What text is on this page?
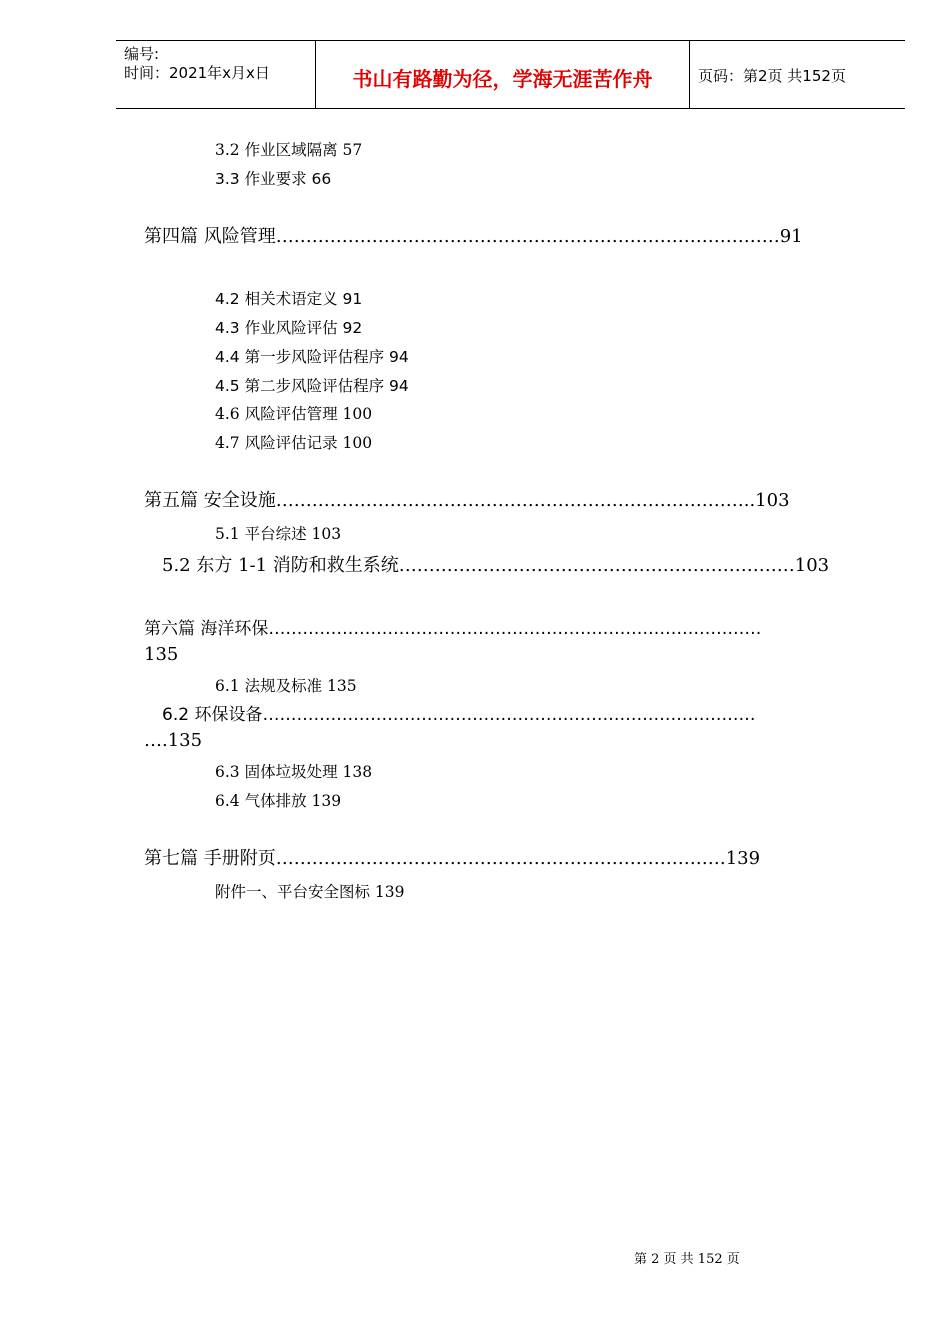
编号:
时间：2021年x月x日	书山有路勤为径，学海无涯苦作舟	页码：第2页 共152页
3.2 作业区域隔离 57
3.3 作业要求 66
第四篇 风险管理…………………………………………………………………………91
4.2 相关术语定义 91
4.3 作业风险评估 92
4.4 第一步风险评估程序 94
4.5 第二步风险评估程序 94
4.6 风险评估管理 100
4.7 风险评估记录 100
第五篇 安全设施……………………………………………………………………..103
5.1 平台综述 103
5.2 东方 1-1 消防和救生系统…………………………………………………………103
第六篇 海洋环保……………………………………………………………………………
135
6.1 法规及标准 135
6.2 环保设备……………………………………………………………………………
….135
6.3 固体垃圾处理 138
6.4 气体排放 139
第七篇 手册附页…………………………………………………………………139
附件一、平台安全图标 139
第 2 页 共 152 页
